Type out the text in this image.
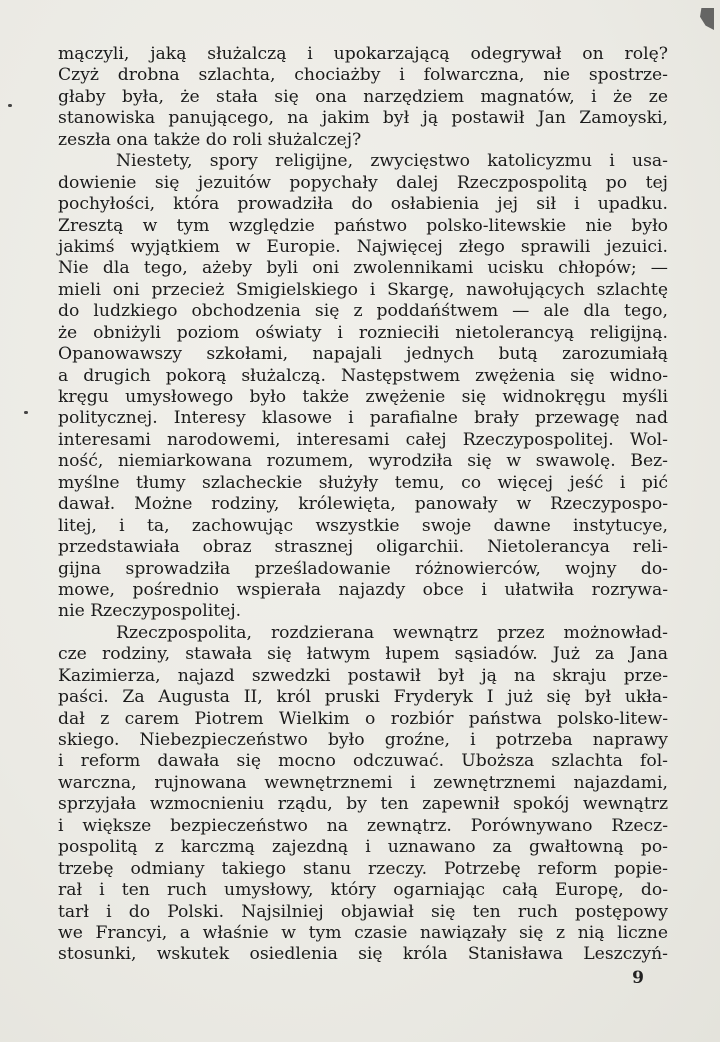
mączyli, jaką służalczą i upokarzającą odegrywał on rolę?
Czyż drobna szlachta, chociażby i folwarczna, nie spostrze-
głaby była, że stała się ona narzędziem magnatów, i że ze
stanowiska panującego, na jakim był ją postawił Jan Zamoyski,
zeszła ona także do roli służalczej?
Niestety, spory religijne, zwycięstwo katolicyzmu i usa-
dowienie się jezuitów popychały dalej Rzeczpospolitą po tej
pochyłości, która prowadziła do osłabienia jej sił i upadku.
Zresztą w tym względzie państwo polsko-litewskie nie było
jakimś wyjątkiem w Europie. Najwięcej złego sprawili jezuici.
Nie dla tego, ażeby byli oni zwolennikami ucisku chłopów; —
mieli oni przecież Smigielskiego i Skargę, nawołujących szlachtę
do ludzkiego obchodzenia się z poddańśtwem — ale dla tego,
że obniżyli poziom oświaty i roznieciłi nietolerancyą religijną.
Opanowawszy szkołami, napajali jednych butą zarozumiałą
a drugich pokorą służalczą. Następstwem zwężenia się widno-
kręgu umysłowego było także zwężenie się widnokręgu myśli
politycznej. Interesy klasowe i parafialne brały przewagę nad
interesami narodowemi, interesami całej Rzeczypospolitej. Wol-
ność, niemiarkowana rozumem, wyrodziła się w swawolę. Bez-
myślne tłumy szlacheckie służyły temu, co więcej jeść i pić
dawał. Możne rodziny, królewięta, panowały w Rzeczypospo-
litej, i ta, zachowując wszystkie swoje dawne instytucye,
przedstawiała obraz strasznej oligarchii. Nietolerancya reli-
gijna sprowadziła prześladowanie różnowierców, wojny do-
mowe, pośrednio wspierała najazdy obce i ułatwiła rozrywa-
nie Rzeczypospolitej.
Rzeczpospolita, rozdzierana wewnątrz przez możnowład-
cze rodziny, stawała się łatwym łupem sąsiadów. Już za Jana
Kazimierza, najazd szwedzki postawił był ją na skraju prze-
paści. Za Augusta II, król pruski Fryderyk I już się był ukła-
dał z carem Piotrem Wielkim o rozbiór państwa polsko-litew-
skiego. Niebezpieczeństwo było groźne, i potrzeba naprawy
i reform dawała się mocno odczuwać. Uboższa szlachta fol-
warczna, rujnowana wewnętrznemi i zewnętrznemi najazdami,
sprzyjała wzmocnieniu rządu, by ten zapewnił spokój wewnątrz
i większe bezpieczeństwo na zewnątrz. Porównywano Rzecz-
pospolitą z karczmą zajezdną i uznawano za gwałtowną po-
trzebę odmiany takiego stanu rzeczy. Potrzebę reform popie-
rał i ten ruch umysłowy, który ogarniając całą Europę, do-
tarł i do Polski. Najsilniej objawiał się ten ruch postępowy
we Francyi, a właśnie w tym czasie nawiązały się z nią liczne
stosunki, wskutek osiedlenia się króla Stanisława Leszczyń-
9
